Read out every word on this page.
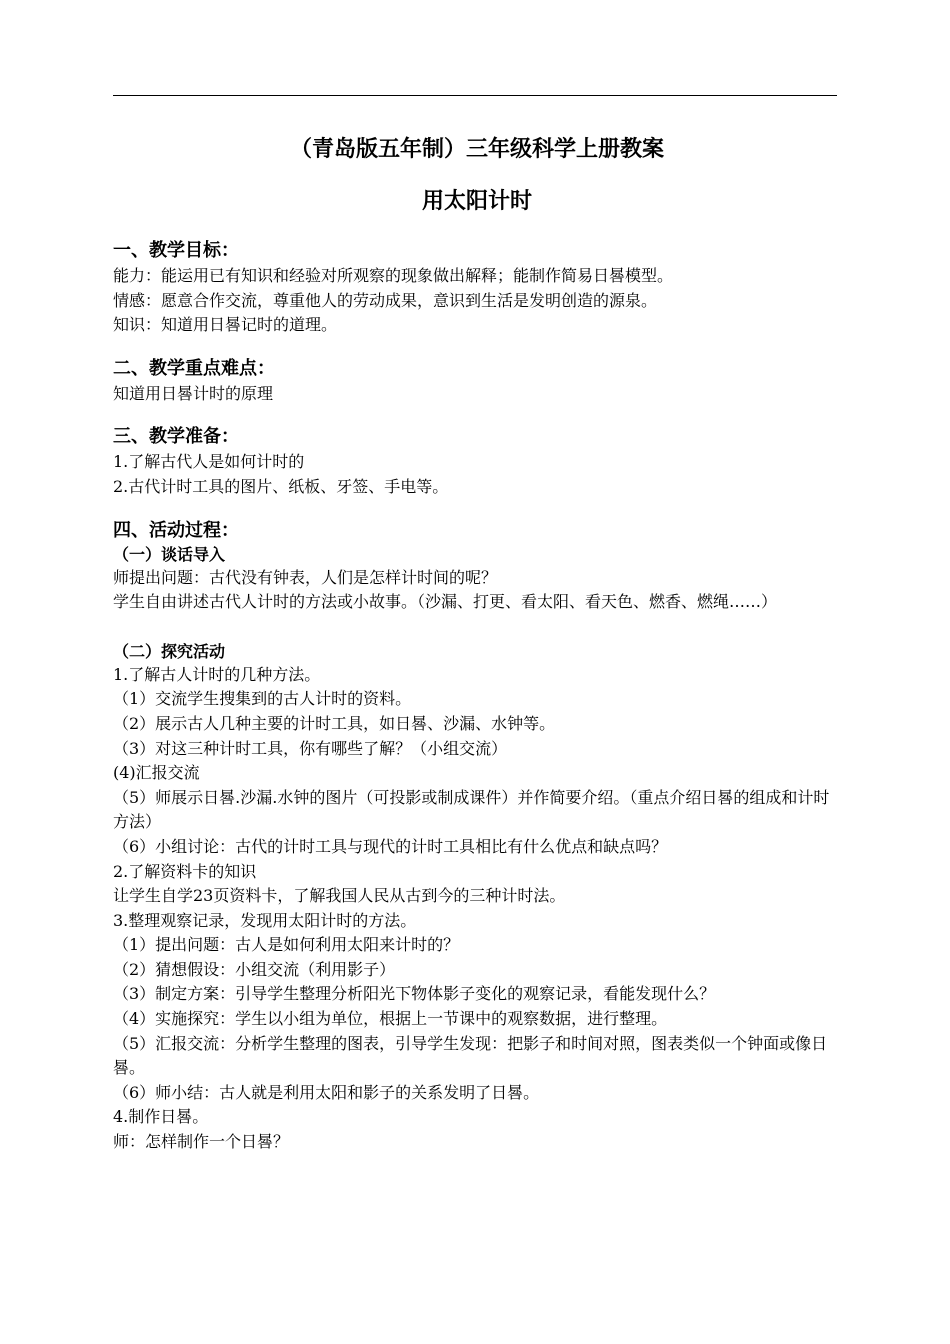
（青岛版五年制）三年级科学上册教案

用太阳计时

一、教学目标：

能力：能运用已有知识和经验对所观察的现象做出解释；能制作简易日晷模型。

情感：愿意合作交流，尊重他人的劳动成果，意识到生活是发明创造的源泉。

知识：知道用日晷记时的道理。

二、教学重点难点：

知道用日晷计时的原理

三、教学准备：

1.了解古代人是如何计时的

2.古代计时工具的图片、纸板、牙签、手电等。

四、活动过程：

（一）谈话导入

师提出问题：古代没有钟表，人们是怎样计时间的呢？

学生自由讲述古代人计时的方法或小故事。（沙漏、打更、看太阳、看天色、燃香、燃绳……）

（二）探究活动

1.了解古人计时的几种方法。

（1）交流学生搜集到的古人计时的资料。

（2）展示古人几种主要的计时工具，如日晷、沙漏、水钟等。

（3）对这三种计时工具，你有哪些了解？（小组交流）

(4)汇报交流

（5）师展示日晷.沙漏.水钟的图片（可投影或制成课件）并作简要介绍。（重点介绍日晷的组成和计时方法）

（6）小组讨论：古代的计时工具与现代的计时工具相比有什么优点和缺点吗？

2.了解资料卡的知识

让学生自学23页资料卡，了解我国人民从古到今的三种计时法。

3.整理观察记录，发现用太阳计时的方法。

（1）提出问题：古人是如何利用太阳来计时的？

（2）猜想假设：小组交流（利用影子）

（3）制定方案：引导学生整理分析阳光下物体影子变化的观察记录，看能发现什么？

（4）实施探究：学生以小组为单位，根据上一节课中的观察数据，进行整理。

（5）汇报交流：分析学生整理的图表，引导学生发现：把影子和时间对照，图表类似一个钟面或像日晷。

（6）师小结：古人就是利用太阳和影子的关系发明了日晷。

4.制作日晷。

师：怎样制作一个日晷？
